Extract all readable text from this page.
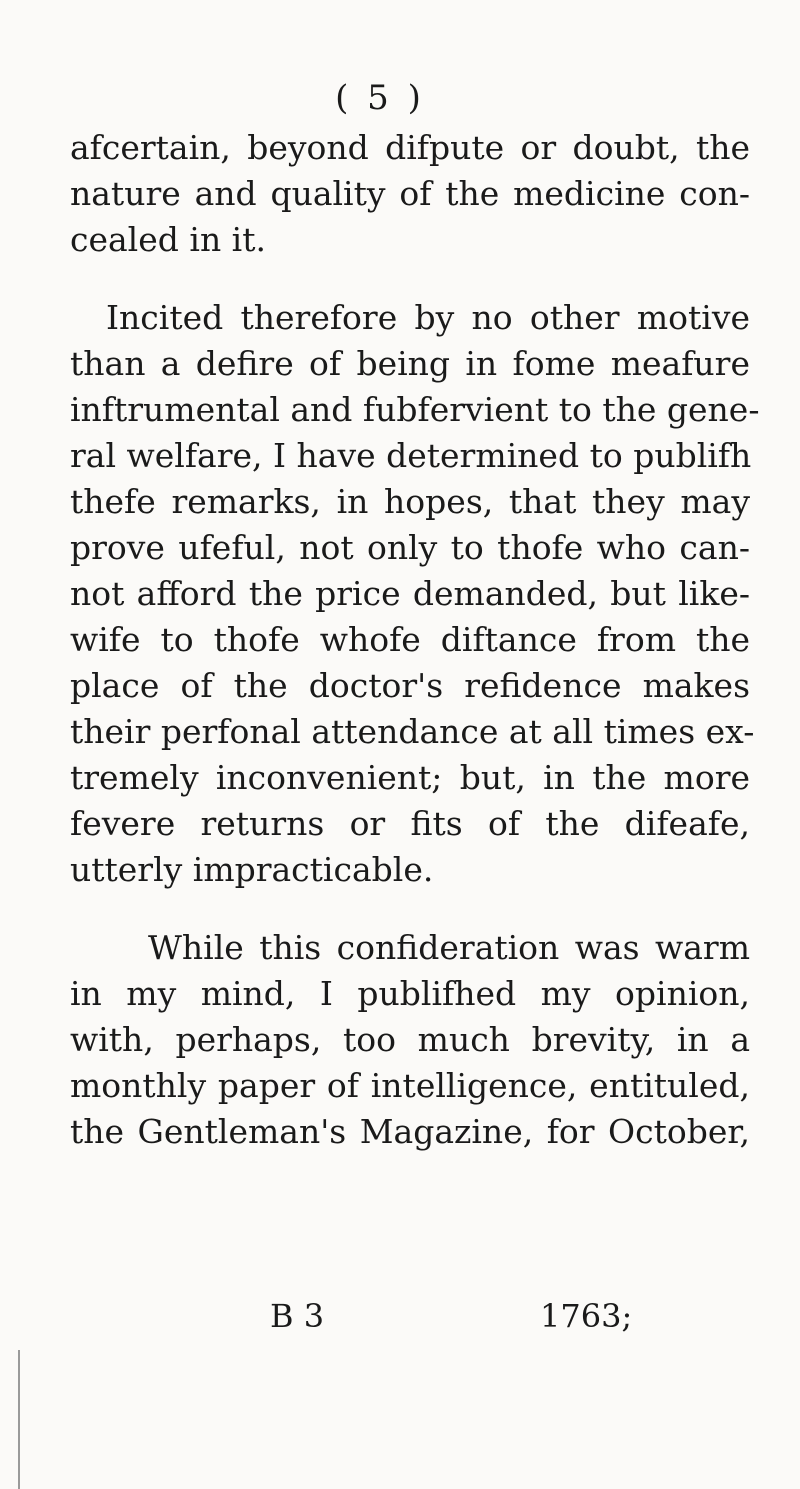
( 5 )
afcertain, beyond difpute or doubt, the
nature and quality of the medicine con-
cealed in it.
Incited therefore by no other motive
than a defire of being in fome meafure
inftrumental and fubfervient to the gene-
ral welfare, I have determined to publifh
thefe remarks, in hopes, that they may
prove ufeful, not only to thofe who can-
not afford the price demanded, but like-
wife to thofe whofe diftance from the
place of the doctor's refidence makes
their perfonal attendance at all times ex-
tremely inconvenient; but, in the more
fevere returns or fits of the difeafe,
utterly impracticable.
While this confideration was warm
in my mind, I publifhed my opinion,
with, perhaps, too much brevity, in a
monthly paper of intelligence, entituled,
the Gentleman's Magazine, for October,
B 3	1763;
